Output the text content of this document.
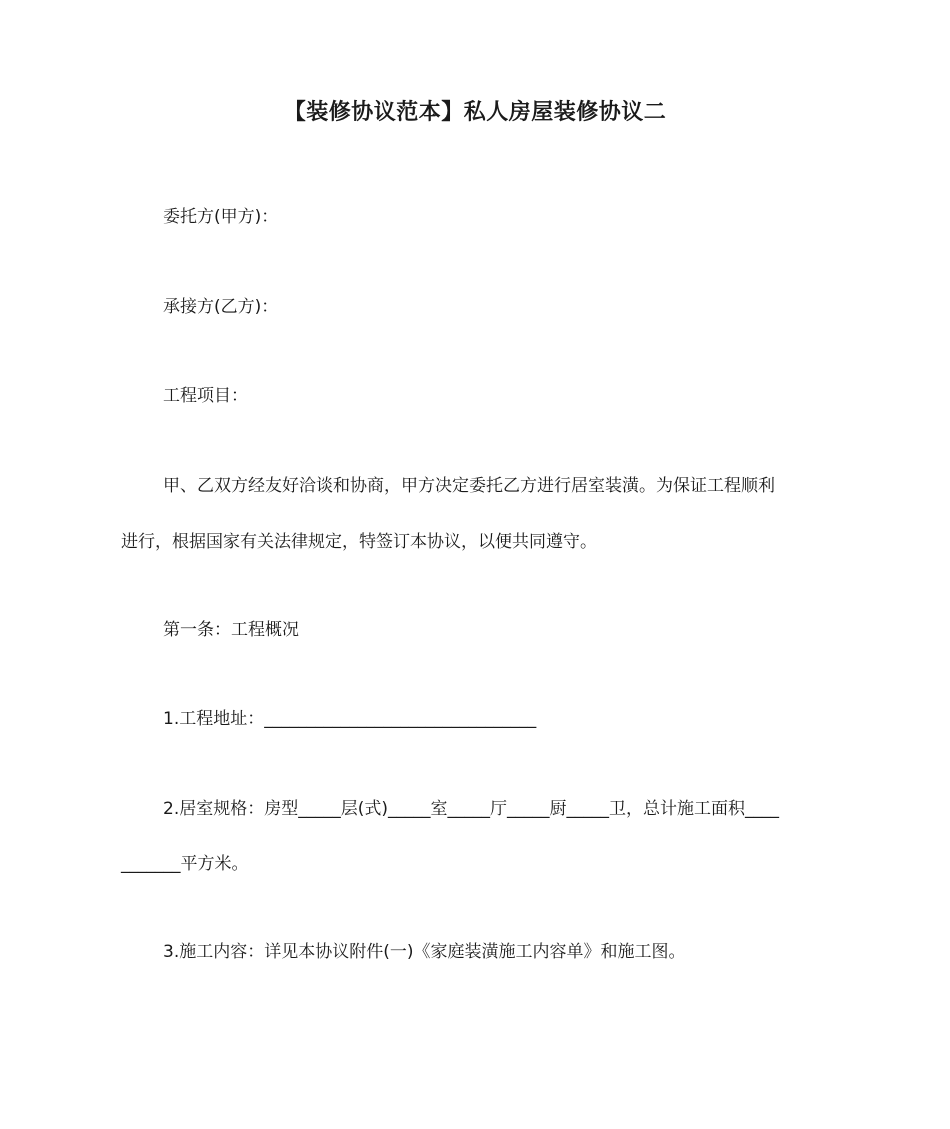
【装修协议范本】私人房屋装修协议二
委托方(甲方)：
承接方(乙方)：
工程项目：
甲、乙双方经友好洽谈和协商，甲方决定委托乙方进行居室装潢。为保证工程顺利
进行，根据国家有关法律规定，特签订本协议，以便共同遵守。
第一条：工程概况
1.工程地址：________________________________
2.居室规格：房型_____层(式)_____室_____厅_____厨_____卫，总计施工面积____
_______平方米。
3.施工内容：详见本协议附件(一)《家庭装潢施工内容单》和施工图。
